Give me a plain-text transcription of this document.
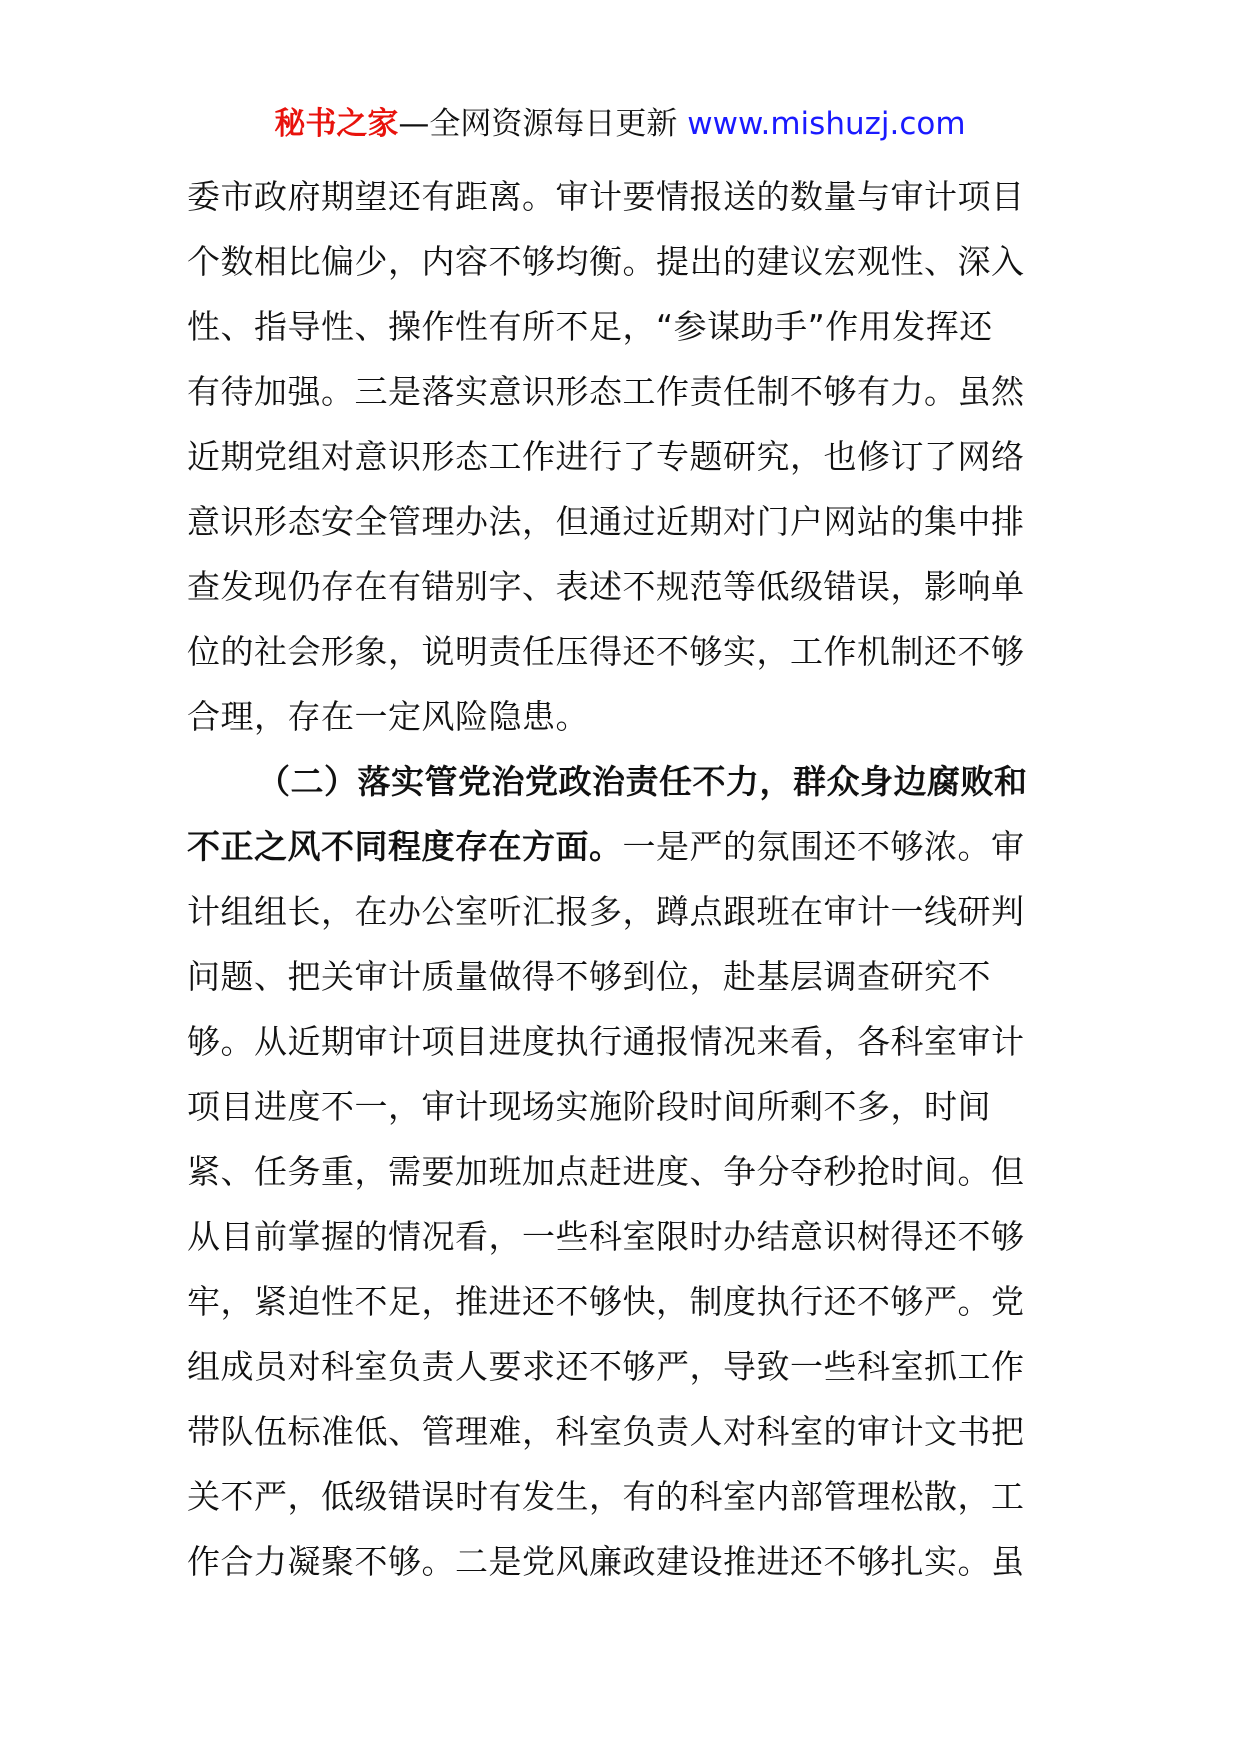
秘书之家—全网资源每日更新 www.mishuzj.com
委市政府期望还有距离。审计要情报送的数量与审计项目
个数相比偏少，内容不够均衡。提出的建议宏观性、深入
性、指导性、操作性有所不足，“参谋助手”作用发挥还
有待加强。三是落实意识形态工作责任制不够有力。虽然
近期党组对意识形态工作进行了专题研究，也修订了网络
意识形态安全管理办法，但通过近期对门户网站的集中排
查发现仍存在有错别字、表述不规范等低级错误，影响单
位的社会形象，说明责任压得还不够实，工作机制还不够
合理，存在一定风险隐患。
（二）落实管党治党政治责任不力，群众身边腐败和
不正之风不同程度存在方面。一是严的氛围还不够浓。审
计组组长，在办公室听汇报多，蹲点跟班在审计一线研判
问题、把关审计质量做得不够到位，赴基层调查研究不
够。从近期审计项目进度执行通报情况来看，各科室审计
项目进度不一，审计现场实施阶段时间所剩不多，时间
紧、任务重，需要加班加点赶进度、争分夺秒抢时间。但
从目前掌握的情况看，一些科室限时办结意识树得还不够
牢，紧迫性不足，推进还不够快，制度执行还不够严。党
组成员对科室负责人要求还不够严，导致一些科室抓工作
带队伍标准低、管理难，科室负责人对科室的审计文书把
关不严，低级错误时有发生，有的科室内部管理松散，工
作合力凝聚不够。二是党风廉政建设推进还不够扎实。虽
